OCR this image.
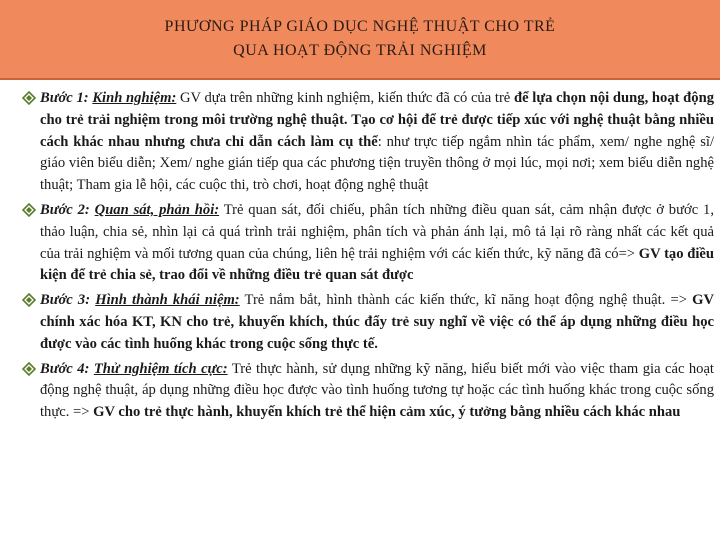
PHƯƠNG PHÁP GIÁO DỤC NGHỆ THUẬT CHO TRẺ
QUA HOẠT ĐỘNG TRẢI NGHIỆM
Bước 1: Kinh nghiệm: GV dựa trên những kinh nghiệm, kiến thức đã có của trẻ để lựa chọn nội dung, hoạt động cho trẻ trải nghiệm trong môi trường nghệ thuật. Tạo cơ hội để trẻ được tiếp xúc với nghệ thuật bằng nhiều cách khác nhau nhưng chưa chỉ dẫn cách làm cụ thể: như trực tiếp ngắm nhìn tác phẩm, xem/ nghe nghệ sĩ/ giáo viên biểu diễn; Xem/ nghe gián tiếp qua các phương tiện truyền thông ở mọi lúc, mọi nơi; xem biểu diễn nghệ thuật; Tham gia lễ hội, các cuộc thi, trò chơi, hoạt động nghệ thuật
Bước 2: Quan sát, phản hồi: Trẻ quan sát, đối chiếu, phân tích những điều quan sát, cảm nhận được ở bước 1, thảo luận, chia sẻ, nhìn lại cả quá trình trải nghiệm, phân tích và phản ánh lại, mô tả lại rõ ràng nhất các kết quả của trải nghiệm và mối tương quan của chúng, liên hệ trải nghiệm với các kiến thức, kỹ năng đã có=> GV tạo điều kiện để trẻ chia sẻ, trao đổi về những điều trẻ quan sát được
Bước 3: Hình thành khái niệm: Trẻ nắm bắt, hình thành các kiến thức, kĩ năng hoạt động nghệ thuật. => GV chính xác hóa KT, KN cho trẻ, khuyến khích, thúc đẩy trẻ suy nghĩ về việc có thể áp dụng những điều học được vào các tình huống khác trong cuộc sống thực tế.
Bước 4: Thử nghiệm tích cực: Trẻ thực hành, sử dụng những kỹ năng, hiểu biết mới vào việc tham gia các hoạt động nghệ thuật, áp dụng những điều học được vào tình huống tương tự hoặc các tình huống khác trong cuộc sống thực. => GV cho trẻ thực hành, khuyến khích trẻ thể hiện cảm xúc, ý tưởng bằng nhiều cách khác nhau
